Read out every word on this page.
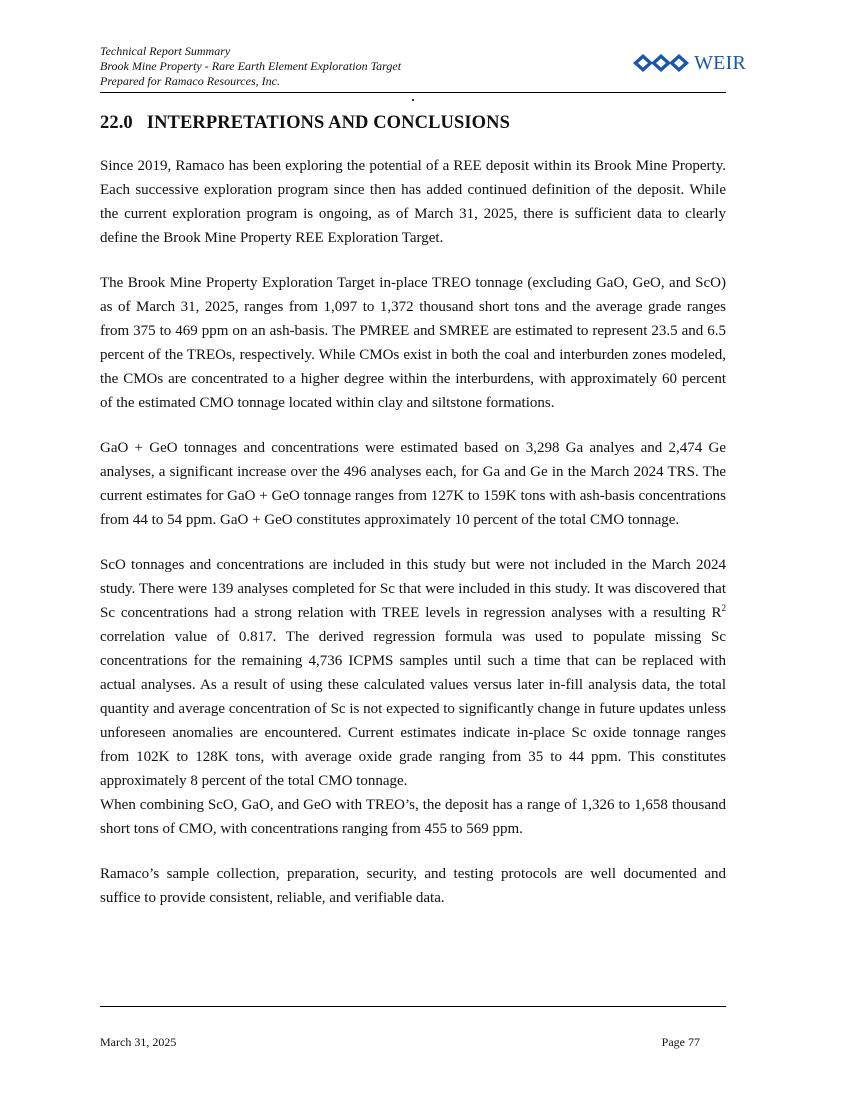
Technical Report Summary
Brook Mine Property - Rare Earth Element Exploration Target
Prepared for Ramaco Resources, Inc.
WEIR
22.0 INTERPRETATIONS AND CONCLUSIONS

Since 2019, Ramaco has been exploring the potential of a REE deposit within its Brook Mine Property. Each successive exploration program since then has added continued definition of the deposit. While the current exploration program is ongoing, as of March 31, 2025, there is sufficient data to clearly define the Brook Mine Property REE Exploration Target.

The Brook Mine Property Exploration Target in-place TREO tonnage (excluding GaO, GeO, and ScO) as of March 31, 2025, ranges from 1,097 to 1,372 thousand short tons and the average grade ranges from 375 to 469 ppm on an ash-basis. The PMREE and SMREE are estimated to represent 23.5 and 6.5 percent of the TREOs, respectively. While CMOs exist in both the coal and interburden zones modeled, the CMOs are concentrated to a higher degree within the interburdens, with approximately 60 percent of the estimated CMO tonnage located within clay and siltstone formations.

GaO + GeO tonnages and concentrations were estimated based on 3,298 Ga analyes and 2,474 Ge analyses, a significant increase over the 496 analyses each, for Ga and Ge in the March 2024 TRS. The current estimates for GaO + GeO tonnage ranges from 127K to 159K tons with ash-basis concentrations from 44 to 54 ppm. GaO + GeO constitutes approximately 10 percent of the total CMO tonnage.

ScO tonnages and concentrations are included in this study but were not included in the March 2024 study. There were 139 analyses completed for Sc that were included in this study. It was discovered that Sc concentrations had a strong relation with TREE levels in regression analyses with a resulting $R^2$ correlation value of 0.817. The derived regression formula was used to populate missing Sc concentrations for the remaining 4,736 ICPMS samples until such a time that can be replaced with actual analyses. As a result of using these calculated values versus later in-fill analysis data, the total quantity and average concentration of Sc is not expected to significantly change in future updates unless unforeseen anomalies are encountered. Current estimates indicate in-place Sc oxide tonnage ranges from 102K to 128K tons, with average oxide grade ranging from 35 to 44 ppm. This constitutes approximately 8 percent of the total CMO tonnage.

When combining ScO, GaO, and GeO with TREO’s, the deposit has a range of 1,326 to 1,658 thousand short tons of CMO, with concentrations ranging from 455 to 569 ppm.

Ramaco’s sample collection, preparation, security, and testing protocols are well documented and suffice to provide consistent, reliable, and verifiable data.

March 31, 2025	Page 77
